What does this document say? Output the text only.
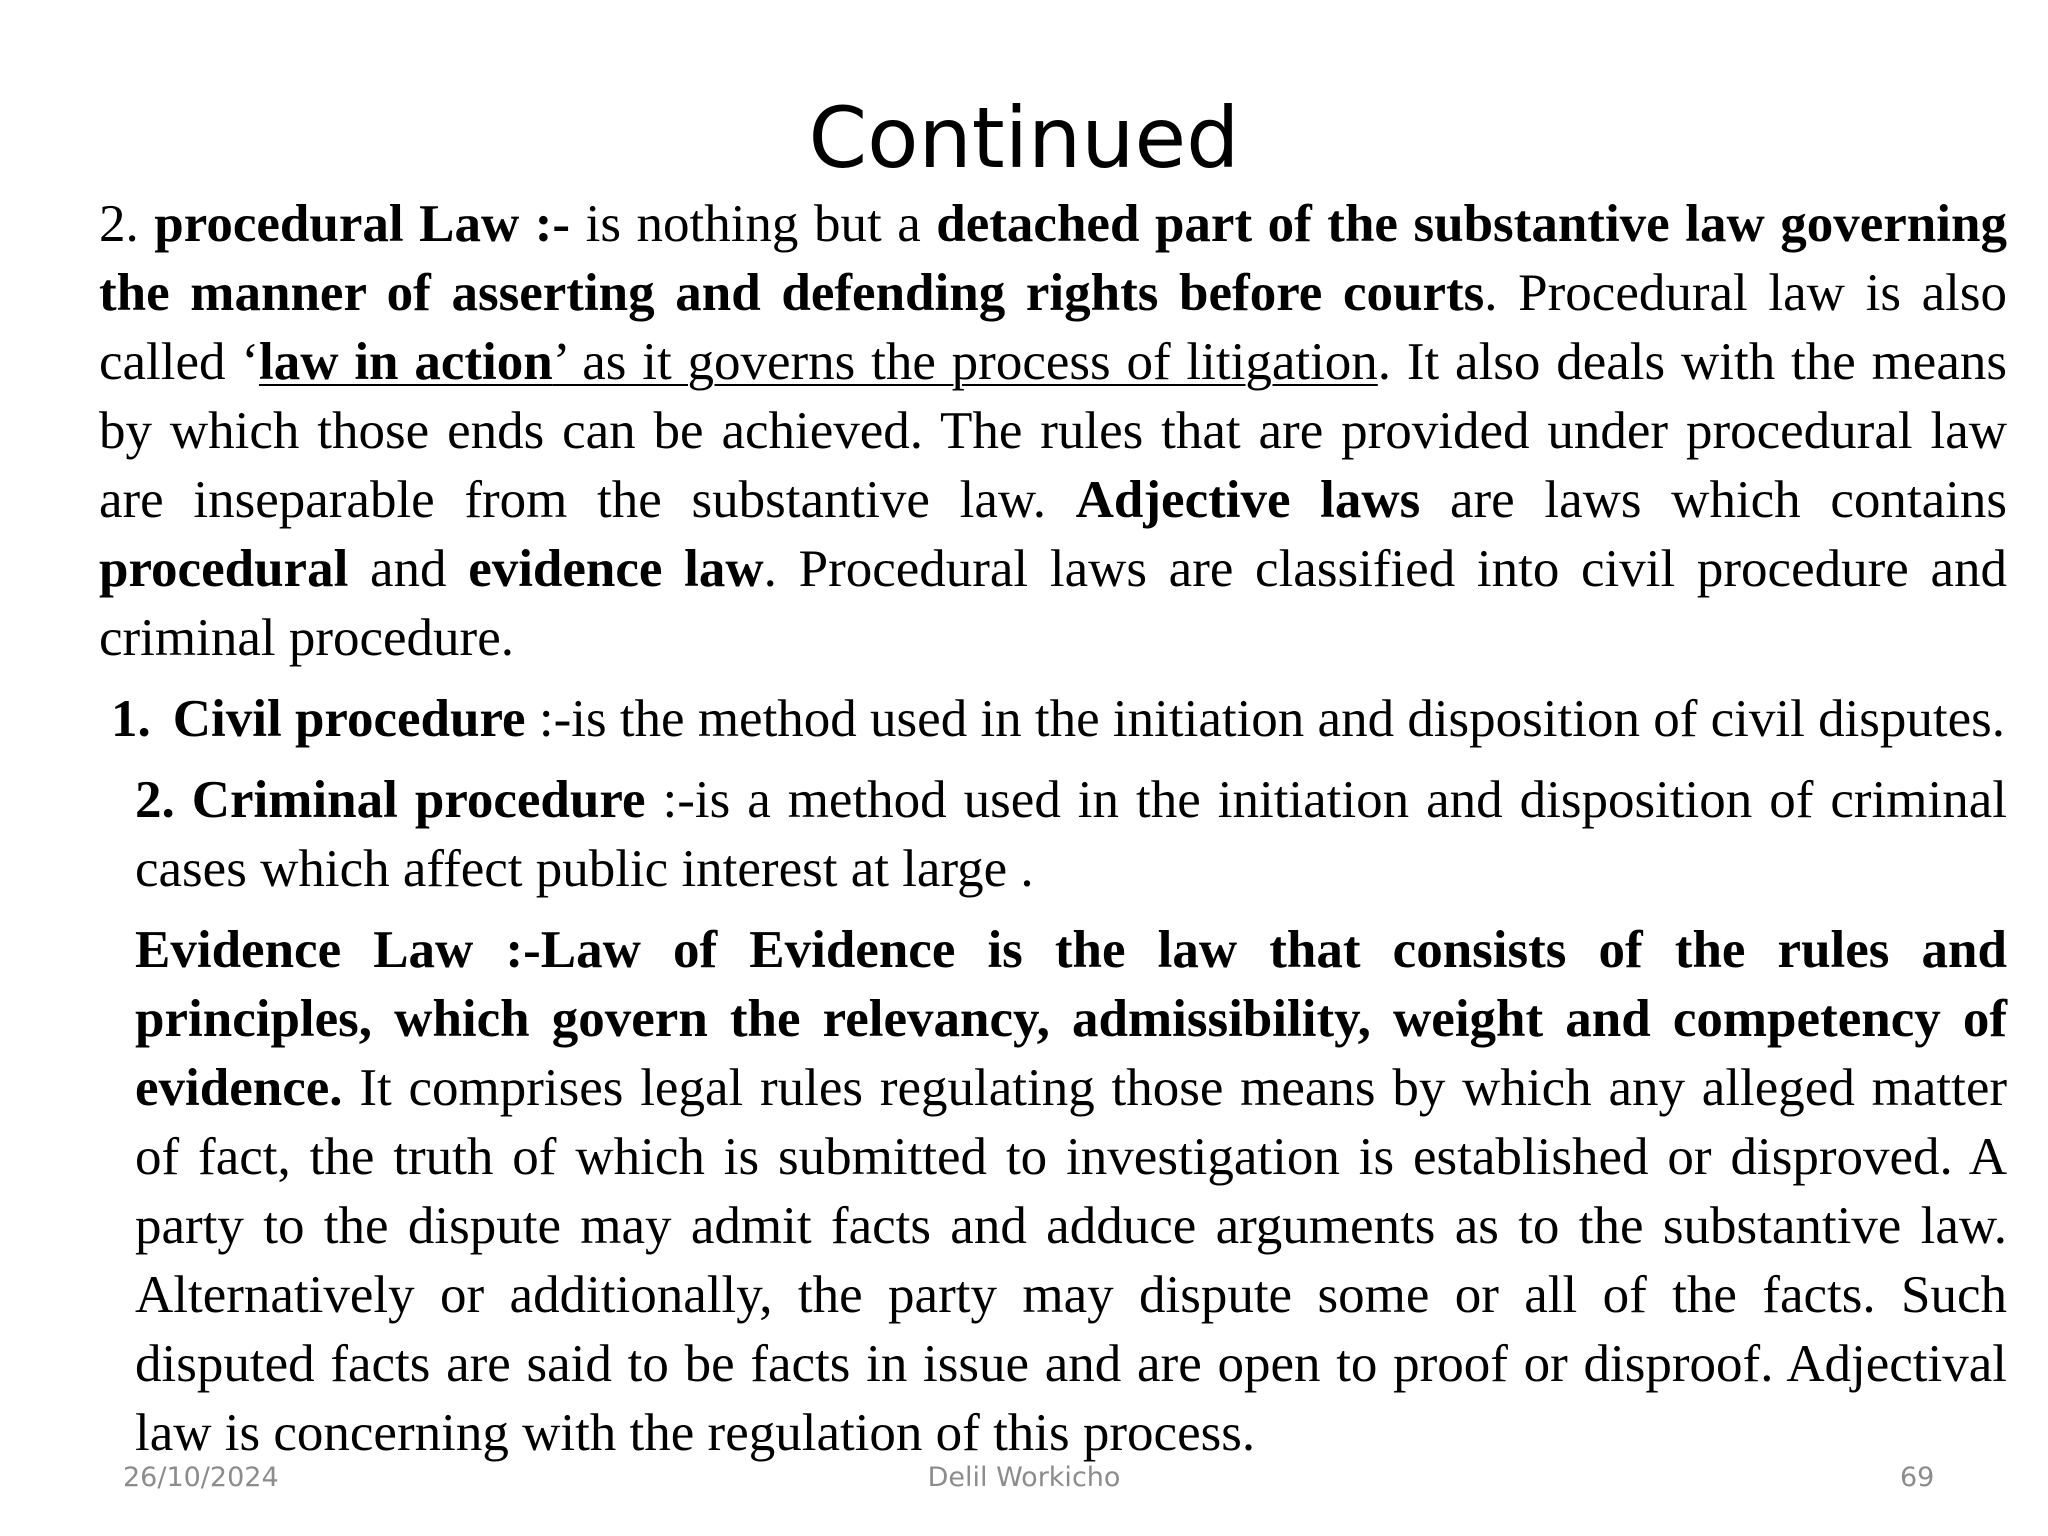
Continued

2. procedural Law :- is nothing but a detached part of the substantive law governing the manner of asserting and defending rights before courts. Procedural law is also called ‘law in action’ as it governs the process of litigation. It also deals with the means by which those ends can be achieved. The rules that are provided under procedural law are inseparable from the substantive law. Adjective laws are laws which contains procedural and evidence law. Procedural laws are classified into civil procedure and criminal procedure.

1. Civil procedure :-is the method used in the initiation and disposition of civil disputes.

2. Criminal procedure :-is a method used in the initiation and disposition of criminal cases which affect public interest at large .

Evidence Law :-Law of Evidence is the law that consists of the rules and principles, which govern the relevancy, admissibility, weight and competency of evidence. It comprises legal rules regulating those means by which any alleged matter of fact, the truth of which is submitted to investigation is established or disproved. A party to the dispute may admit facts and adduce arguments as to the substantive law. Alternatively or additionally, the party may dispute some or all of the facts. Such disputed facts are said to be facts in issue and are open to proof or disproof. Adjectival law is concerning with the regulation of this process.

26/10/2024	Delil Workicho	69
